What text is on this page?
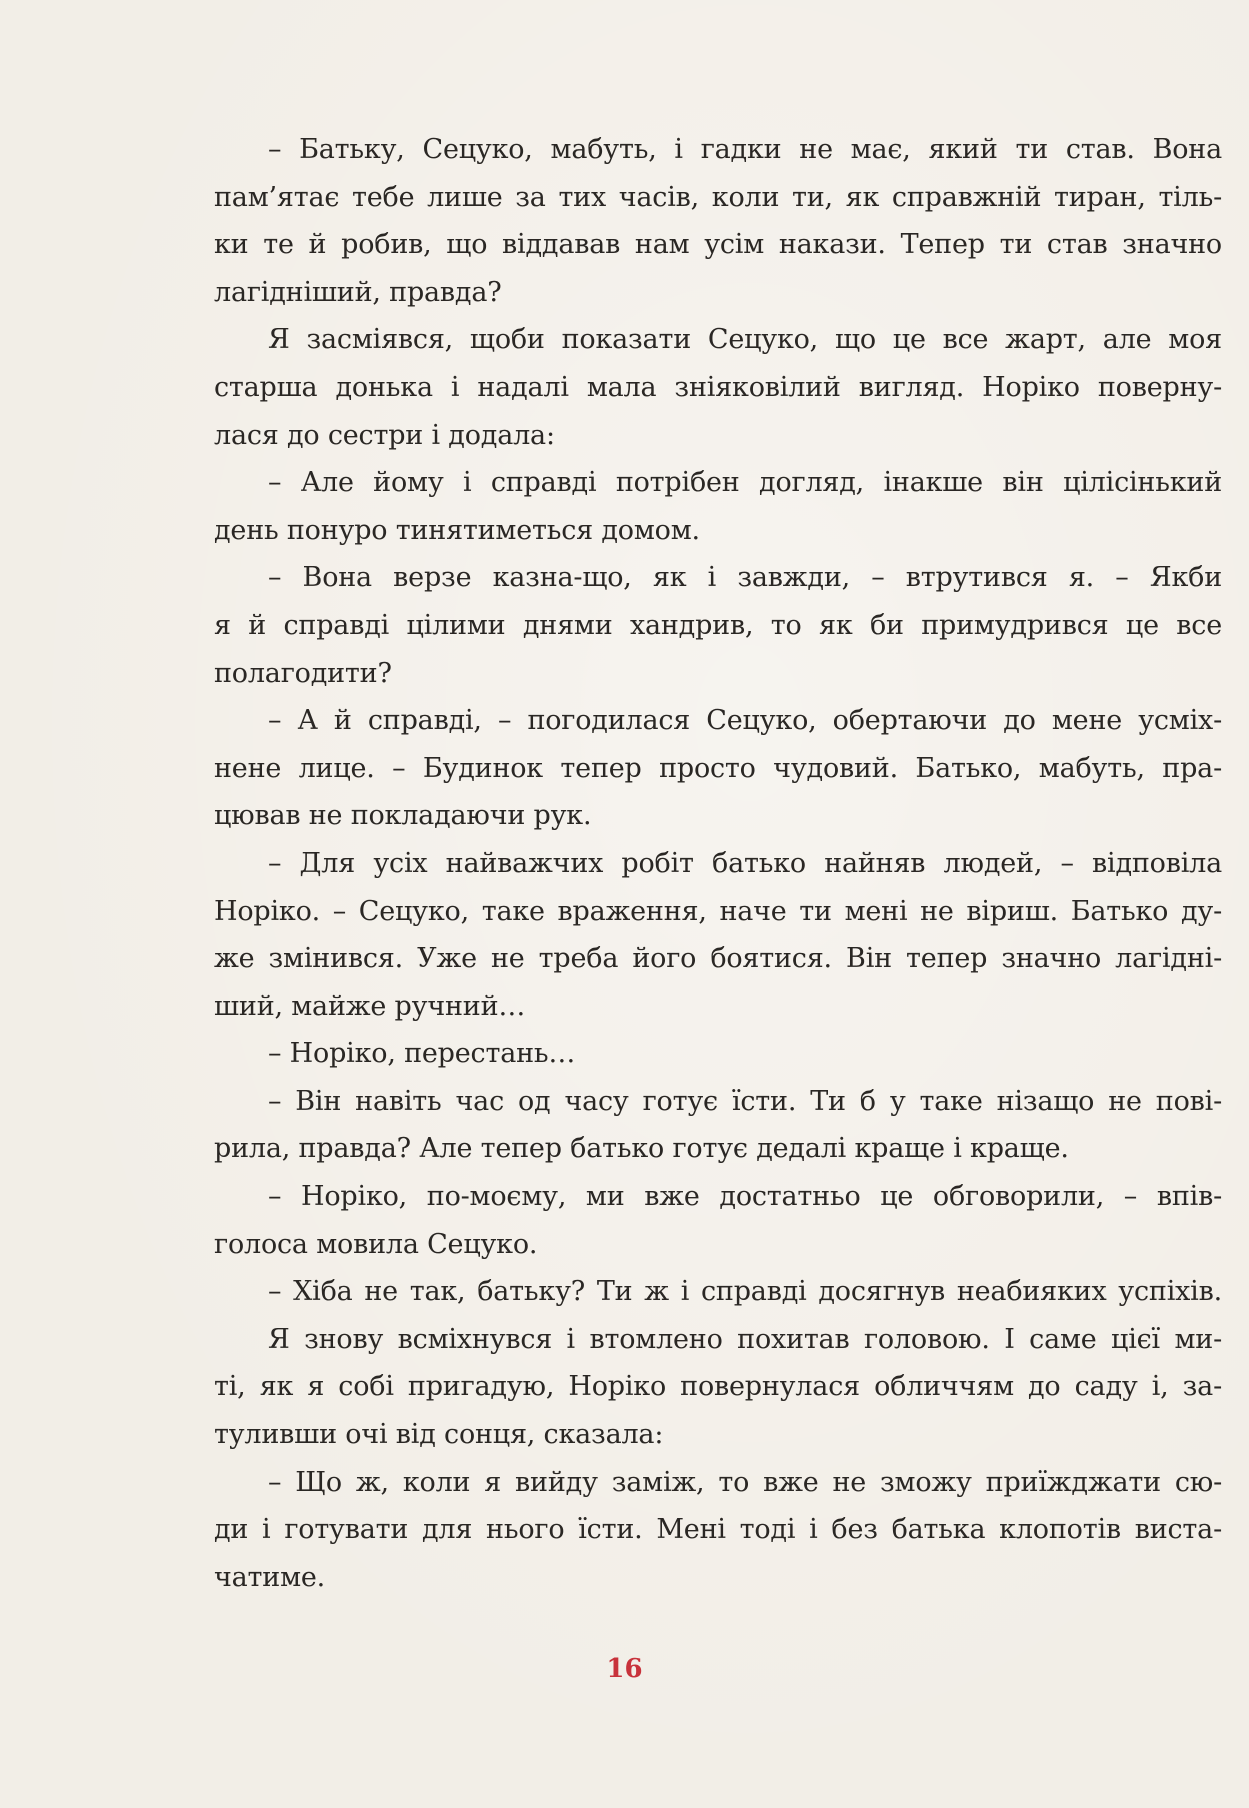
– Батьку, Сецуко, мабуть, і гадки не має, який ти став. Вона
пам’ятає тебе лише за тих часів, коли ти, як справжній тиран, тіль-
ки те й робив, що віддавав нам усім накази. Тепер ти став значно
лагідніший, правда?
Я засміявся, щоби показати Сецуко, що це все жарт, але моя
старша донька і надалі мала зніяковілий вигляд. Норіко поверну-
лася до сестри і додала:
– Але йому і справді потрібен догляд, інакше він цілісінький
день понуро тинятиметься домом.
– Вона верзе казна-що, як і завжди, – втрутився я. – Якби
я й справді цілими днями хандрив, то як би примудрився це все
полагодити?
– А й справді, – погодилася Сецуко, обертаючи до мене усміх-
нене лице. – Будинок тепер просто чудовий. Батько, мабуть, пра-
цював не покладаючи рук.
– Для усіх найважчих робіт батько найняв людей, – відповіла
Норіко. – Сецуко, таке враження, наче ти мені не віриш. Батько ду-
же змінився. Уже не треба його боятися. Він тепер значно лагідні-
ший, майже ручний…
– Норіко, перестань…
– Він навіть час од часу готує їсти. Ти б у таке нізащо не пові-
рила, правда? Але тепер батько готує дедалі краще і краще.
– Норіко, по-моєму, ми вже достатньо це обговорили, – впів-
голоса мовила Сецуко.
– Хіба не так, батьку? Ти ж і справді досягнув неабияких успіхів.
Я знову всміхнувся і втомлено похитав головою. І саме цієї ми-
ті, як я собі пригадую, Норіко повернулася обличчям до саду і, за-
туливши очі від сонця, сказала:
– Що ж, коли я вийду заміж, то вже не зможу приїжджати сю-
ди і готувати для нього їсти. Мені тоді і без батька клопотів виста-
чатиме.
16
